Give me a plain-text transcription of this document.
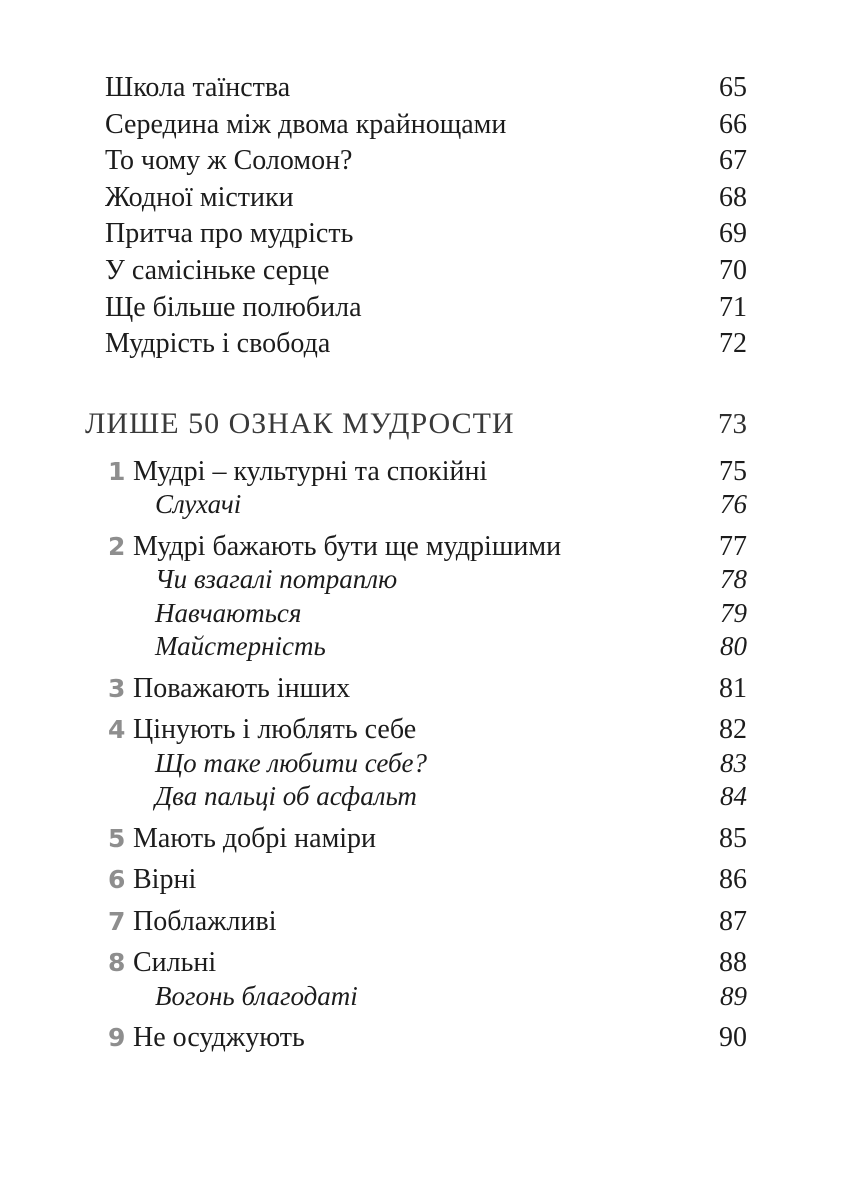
Школа таїнства	65
Середина між двома крайнощами	66
То чому ж Соломон?	67
Жодної містики	68
Притча про мудрість	69
У самісіньке серце	70
Ще більше полюбила	71
Мудрість і свобода	72
ЛИШЕ 50 ОЗНАК МУДРОСТИ	73
1 Мудрі – культурні та спокійні	75
Слухачі	76
2 Мудрі бажають бути ще мудрішими	77
Чи взагалі потраплю	78
Навчаються	79
Майстерність	80
3 Поважають інших	81
4 Цінують і люблять себе	82
Що таке любити себе?	83
Два пальці об асфальт	84
5 Мають добрі наміри	85
6 Вірні	86
7 Поблажливі	87
8 Сильні	88
Вогонь благодаті	89
9 Не осуджують	90
